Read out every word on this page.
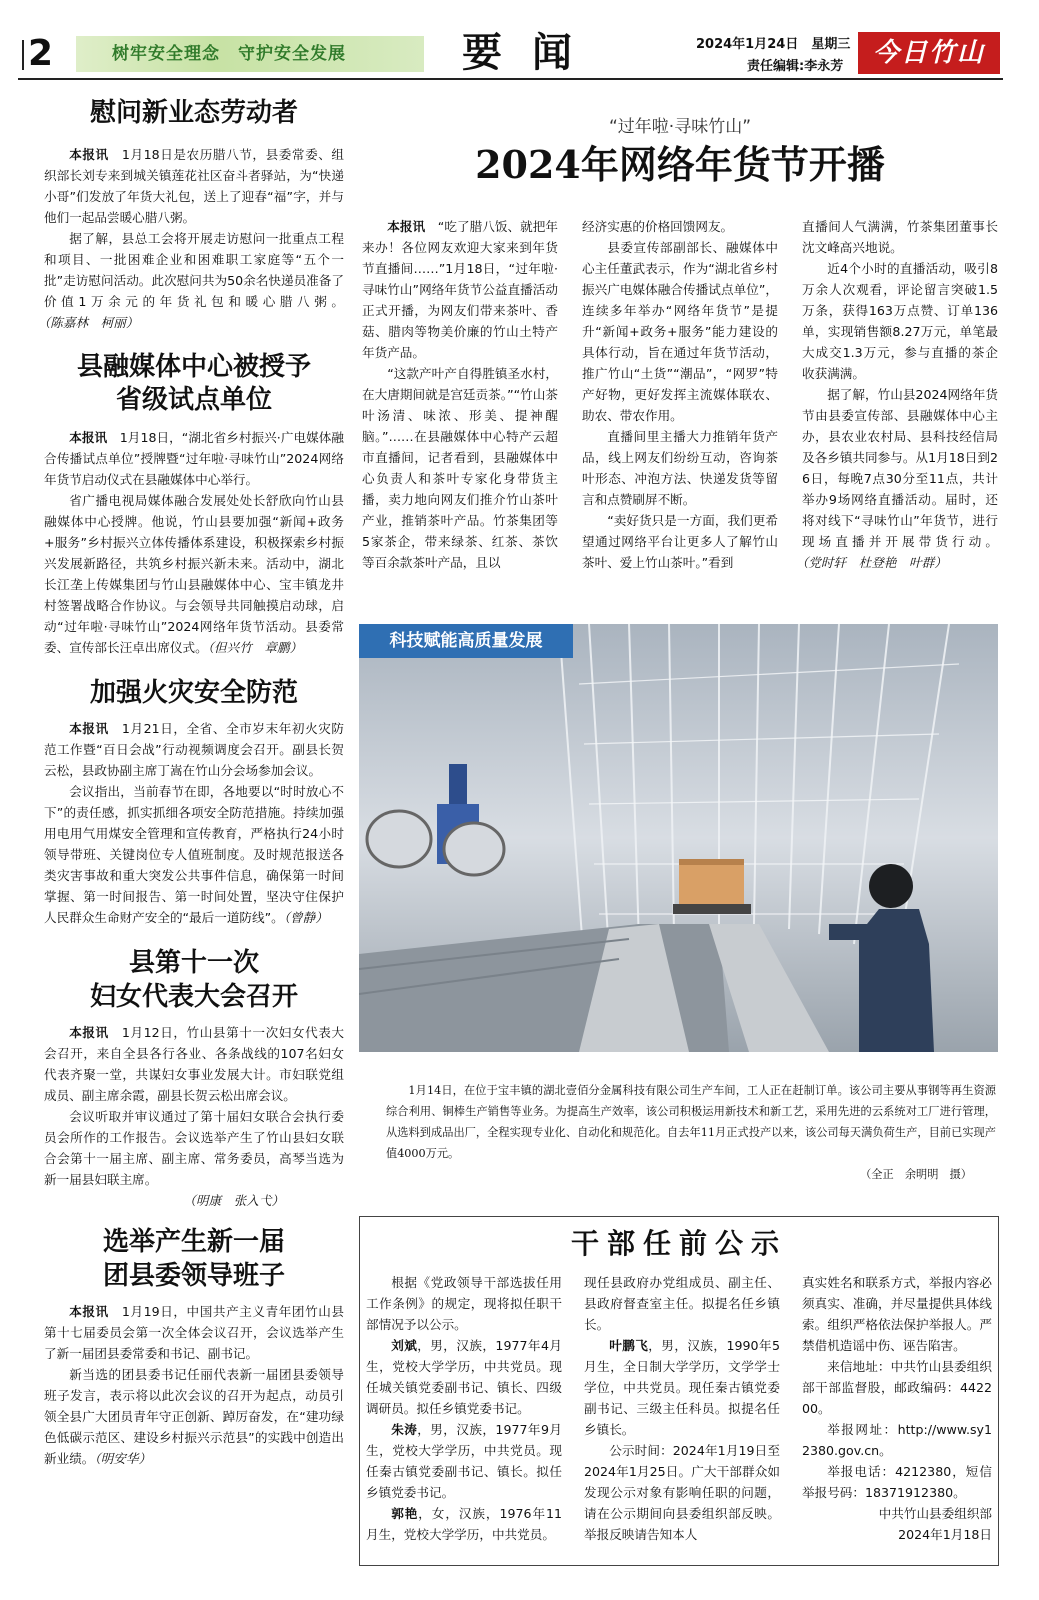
2	树牢安全理念　守护安全发展	要闻	2024年1月24日　星期三
责任编辑:李永芳	今日竹山
慰问新业态劳动者

本报讯　1月18日是农历腊八节，县委常委、组织部长刘专来到城关镇莲花社区奋斗者驿站，为“快递小哥”们发放了年货大礼包，送上了迎春“福”字，并与他们一起品尝暖心腊八粥。

据了解，县总工会将开展走访慰问一批重点工程和项目、一批困难企业和困难职工家庭等“五个一批”走访慰问活动。此次慰问共为50余名快递员准备了价值1万余元的年货礼包和暖心腊八粥。（陈嘉林　柯丽）

县融媒体中心被授予
省级试点单位

本报讯　1月18日，“湖北省乡村振兴·广电媒体融合传播试点单位”授牌暨“过年啦·寻味竹山”2024网络年货节启动仪式在县融媒体中心举行。

省广播电视局媒体融合发展处处长舒欣向竹山县融媒体中心授牌。他说，竹山县要加强“新闻+政务+服务”乡村振兴立体传播体系建设，积极探索乡村振兴发展新路径，共筑乡村振兴新未来。活动中，湖北长江垄上传媒集团与竹山县融媒体中心、宝丰镇龙井村签署战略合作协议。与会领导共同触摸启动球，启动“过年啦·寻味竹山”2024网络年货节活动。县委常委、宣传部长汪卓出席仪式。（但兴竹　章鹏）

加强火灾安全防范

本报讯　1月21日，全省、全市岁末年初火灾防范工作暨“百日会战”行动视频调度会召开。副县长贺云松，县政协副主席丁嵩在竹山分会场参加会议。

会议指出，当前春节在即，各地要以“时时放心不下”的责任感，抓实抓细各项安全防范措施。持续加强用电用气用煤安全管理和宣传教育，严格执行24小时领导带班、关键岗位专人值班制度。及时规范报送各类灾害事故和重大突发公共事件信息，确保第一时间掌握、第一时间报告、第一时间处置，坚决守住保护人民群众生命财产安全的“最后一道防线”。（曾静）

县第十一次
妇女代表大会召开

本报讯　1月12日，竹山县第十一次妇女代表大会召开，来自全县各行各业、各条战线的107名妇女代表齐聚一堂，共谋妇女事业发展大计。市妇联党组成员、副主席余霞，副县长贺云松出席会议。

会议听取并审议通过了第十届妇女联合会执行委员会所作的工作报告。会议选举产生了竹山县妇女联合会第十一届主席、副主席、常务委员，高琴当选为新一届县妇联主席。

（明康　张入弋）
选举产生新一届
团县委领导班子

本报讯　1月19日，中国共产主义青年团竹山县第十七届委员会第一次全体会议召开，会议选举产生了新一届团县委常委和书记、副书记。

新当选的团县委书记任丽代表新一届团县委领导班子发言，表示将以此次会议的召开为起点，动员引领全县广大团员青年守正创新、踔厉奋发，在“建功绿色低碳示范区、建设乡村振兴示范县”的实践中创造出新业绩。（明安华）

“过年啦·寻味竹山”
2024年网络年货节开播

本报讯　“吃了腊八饭、就把年来办！各位网友欢迎大家来到年货节直播间……”1月18日，“过年啦·寻味竹山”网络年货节公益直播活动正式开播，为网友们带来茶叶、香菇、腊肉等物美价廉的竹山土特产年货产品。

“这款产叶产自得胜镇圣水村，在大唐期间就是宫廷贡茶。”“竹山茶叶汤清、味浓、形美、提神醒脑。”……在县融媒体中心特产云超市直播间，记者看到，县融媒体中心负责人和茶叶专家化身带货主播，卖力地向网友们推介竹山茶叶产业，推销茶叶产品。竹茶集团等5家茶企，带来绿茶、红茶、茶饮等百余款茶叶产品，且以

经济实惠的价格回馈网友。

县委宣传部副部长、融媒体中心主任董武表示，作为“湖北省乡村振兴广电媒体融合传播试点单位”，连续多年举办“网络年货节”是提升“新闻+政务+服务”能力建设的具体行动，旨在通过年货节活动，推广竹山“土货”“潮品”，“网罗”特产好物，更好发挥主流媒体联农、助农、带农作用。

直播间里主播大力推销年货产品，线上网友们纷纷互动，咨询茶叶形态、冲泡方法、快递发货等留言和点赞刷屏不断。

“卖好货只是一方面，我们更希望通过网络平台让更多人了解竹山茶叶、爱上竹山茶叶。”看到

直播间人气满满，竹茶集团董事长沈文峰高兴地说。

近4个小时的直播活动，吸引8万余人次观看，评论留言突破1.5万条，获得163万点赞、订单136单，实现销售额8.27万元，单笔最大成交1.3万元，参与直播的茶企收获满满。

据了解，竹山县2024网络年货节由县委宣传部、县融媒体中心主办，县农业农村局、县科技经信局及各乡镇共同参与。从1月18日到26日，每晚7点30分至11点，共计举办9场网络直播活动。届时，还将对线下“寻味竹山”年货节，进行现场直播并开展带货行动。（党时轩　杜登艳　叶群）

科技赋能高质量发展
1月14日，在位于宝丰镇的湖北壹佰分金属科技有限公司生产车间，工人正在赶制订单。该公司主要从事钢等再生资源综合利用、铜棒生产销售等业务。为提高生产效率，该公司积极运用新技术和新工艺，采用先进的云系统对工厂进行管理，从选料到成品出厂，全程实现专业化、自动化和规范化。自去年11月正式投产以来，该公司每天满负荷生产，目前已实现产值4000万元。
（全正　余明明　摄）
干部任前公示

根据《党政领导干部选拔任用工作条例》的规定，现将拟任职干部情况予以公示。

刘斌，男，汉族，1977年4月生，党校大学学历，中共党员。现任城关镇党委副书记、镇长、四级调研员。拟任乡镇党委书记。

朱涛，男，汉族，1977年9月生，党校大学学历，中共党员。现任秦古镇党委副书记、镇长。拟任乡镇党委书记。

郭艳，女，汉族，1976年11月生，党校大学学历，中共党员。

现任县政府办党组成员、副主任、县政府督查室主任。拟提名任乡镇长。

叶鹏飞，男，汉族，1990年5月生，全日制大学学历，文学学士学位，中共党员。现任秦古镇党委副书记、三级主任科员。拟提名任乡镇长。

公示时间：2024年1月19日至2024年1月25日。广大干部群众如发现公示对象有影响任职的问题，请在公示期间向县委组织部反映。举报反映请告知本人

真实姓名和联系方式，举报内容必须真实、准确，并尽量提供具体线索。组织严格依法保护举报人。严禁借机造谣中伤、诬告陷害。

来信地址：中共竹山县委组织部干部监督股，邮政编码：442200。

举报网址：http://www.sy12380.gov.cn。

举报电话：4212380，短信举报号码：18371912380。

中共竹山县委组织部
2024年1月18日
